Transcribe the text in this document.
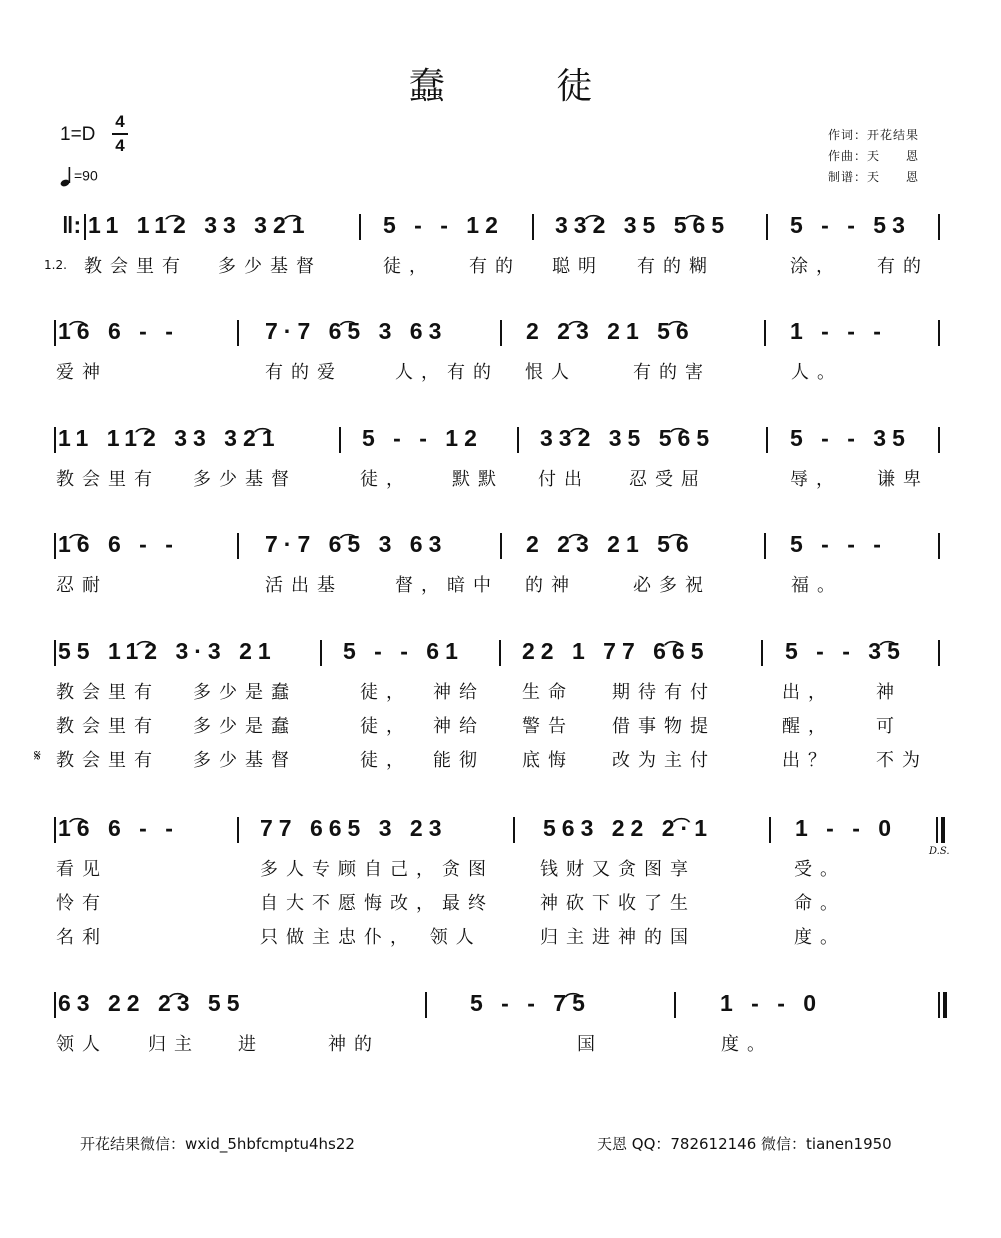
蠢 徒
1=D
4
4
=90
作词：开花结果
作曲：天　　恩
制谱：天　　恩
11 11͡2 33 32͡1	5 - - 12 33͡2 35 5͡65	5 - - 53
‖:
教会里有 多少基督	徒， 有的 聪明 有的糊	涂， 有的
1.2.
1͡6 6 - -	7·7 6͡5 3 63	2 2͡3 21 5͡6	1 - - -
爱神	有的爱	人，有的 恨人	有的害	人。
11 11͡2 33 32͡1	5 - - 12 33͡2 35 5͡65	5 - - 35
教会里有 多少基督	徒， 默默 付出 忍受屈	辱， 谦卑
1͡6 6 - -	7·7 6͡5 3 63	2 2͡3 21 5͡6	5 - - -
忍耐	活出基	督，暗中 的神	必多祝	福。
55 11͡2 3·3 21	5 - - 61	22 1 77 6͡65	5 - - 3͡5
教会里有 多少是蠢	徒， 神给 生命 期待有付	出， 神
教会里有 多少是蠢	徒， 神给 警告 借事物提	醒， 可
教会里有 多少基督	徒， 能彻 底悔 改为主付	出？ 不为
𝄋
1͡6 6 - -	77 665 3 23	563 22 2͡·1	1 - - 0
看见	多人专顾自己，贪图	钱财又贪图享	受。
怜有	自大不愿悔改，最终	神砍下收了生	命。
名利	只做主忠仆， 领人	归主进神的国	度。
63 22 2͡3 55	5 - - 7͡5	1 - - 0
领人 归主 进	神的	国	度。
D.S.
开花结果微信：wxid_5hbfcmptu4hs22	天恩 QQ：782612146 微信：tianen1950
